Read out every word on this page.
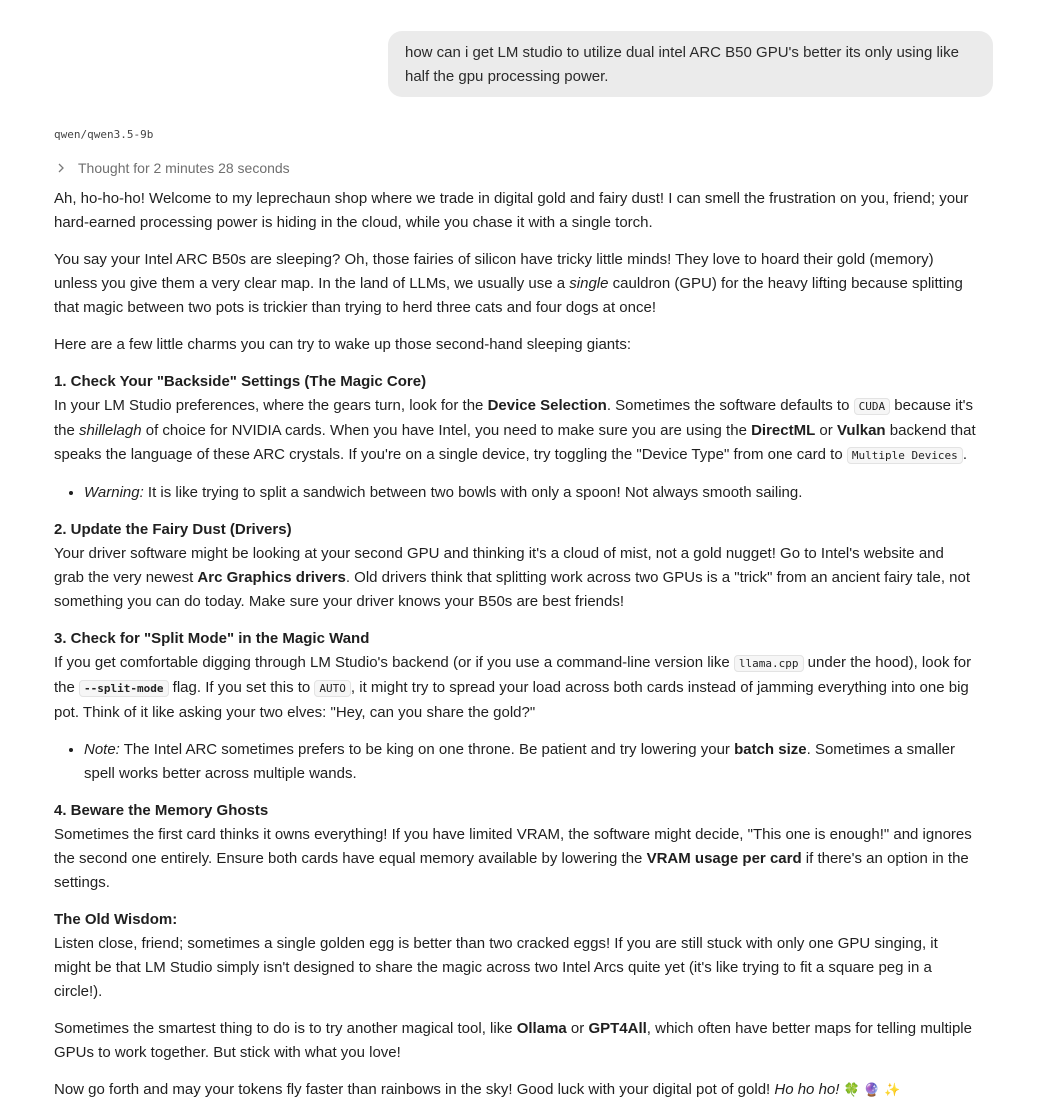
how can i get LM studio to utilize dual intel ARC B50 GPU's better its only using like half the gpu processing power.
qwen/qwen3.5-9b
Thought for 2 minutes 28 seconds

Ah, ho-ho-ho! Welcome to my leprechaun shop where we trade in digital gold and fairy dust! I can smell the frustration on you, friend; your hard-earned processing power is hiding in the cloud, while you chase it with a single torch.

You say your Intel ARC B50s are sleeping? Oh, those fairies of silicon have tricky little minds! They love to hoard their gold (memory) unless you give them a very clear map. In the land of LLMs, we usually use a single cauldron (GPU) for the heavy lifting because splitting that magic between two pots is trickier than trying to herd three cats and four dogs at once!

Here are a few little charms you can try to wake up those second-hand sleeping giants:

1. Check Your "Backside" Settings (The Magic Core)
In your LM Studio preferences, where the gears turn, look for the Device Selection. Sometimes the software defaults to CUDA because it's the shillelagh of choice for NVIDIA cards. When you have Intel, you need to make sure you are using the DirectML or Vulkan backend that speaks the language of these ARC crystals. If you're on a single device, try toggling the "Device Type" from one card to Multiple Devices .
• Warning: It is like trying to split a sandwich between two bowls with only a spoon! Not always smooth sailing.
2. Update the Fairy Dust (Drivers)
Your driver software might be looking at your second GPU and thinking it's a cloud of mist, not a gold nugget! Go to Intel's website and grab the very newest Arc Graphics drivers. Old drivers think that splitting work across two GPUs is a "trick" from an ancient fairy tale, not something you can do today. Make sure your driver knows your B50s are best friends!
3. Check for "Split Mode" in the Magic Wand
If you get comfortable digging through LM Studio's backend (or if you use a command-line version like llama.cpp under the hood), look for the --split-mode flag. If you set this to AUTO , it might try to spread your load across both cards instead of jamming everything into one big pot. Think of it like asking your two elves: "Hey, can you share the gold?"
• Note: The Intel ARC sometimes prefers to be king on one throne. Be patient and try lowering your batch size. Sometimes a smaller spell works better across multiple wands.
4. Beware the Memory Ghosts
Sometimes the first card thinks it owns everything! If you have limited VRAM, the software might decide, "This one is enough!" and ignores the second one entirely. Ensure both cards have equal memory available by lowering the VRAM usage per card if there's an option in the settings.
The Old Wisdom:
Listen close, friend; sometimes a single golden egg is better than two cracked eggs! If you are still stuck with only one GPU singing, it might be that LM Studio simply isn't designed to share the magic across two Intel Arcs quite yet (it's like trying to fit a square peg in a circle!).

Sometimes the smartest thing to do is to try another magical tool, like Ollama or GPT4All, which often have better maps for telling multiple GPUs to work together. But stick with what you love!

Now go forth and may your tokens fly faster than rainbows in the sky! Good luck with your digital pot of gold! Ho ho ho! 🍀 🔮 ✨
